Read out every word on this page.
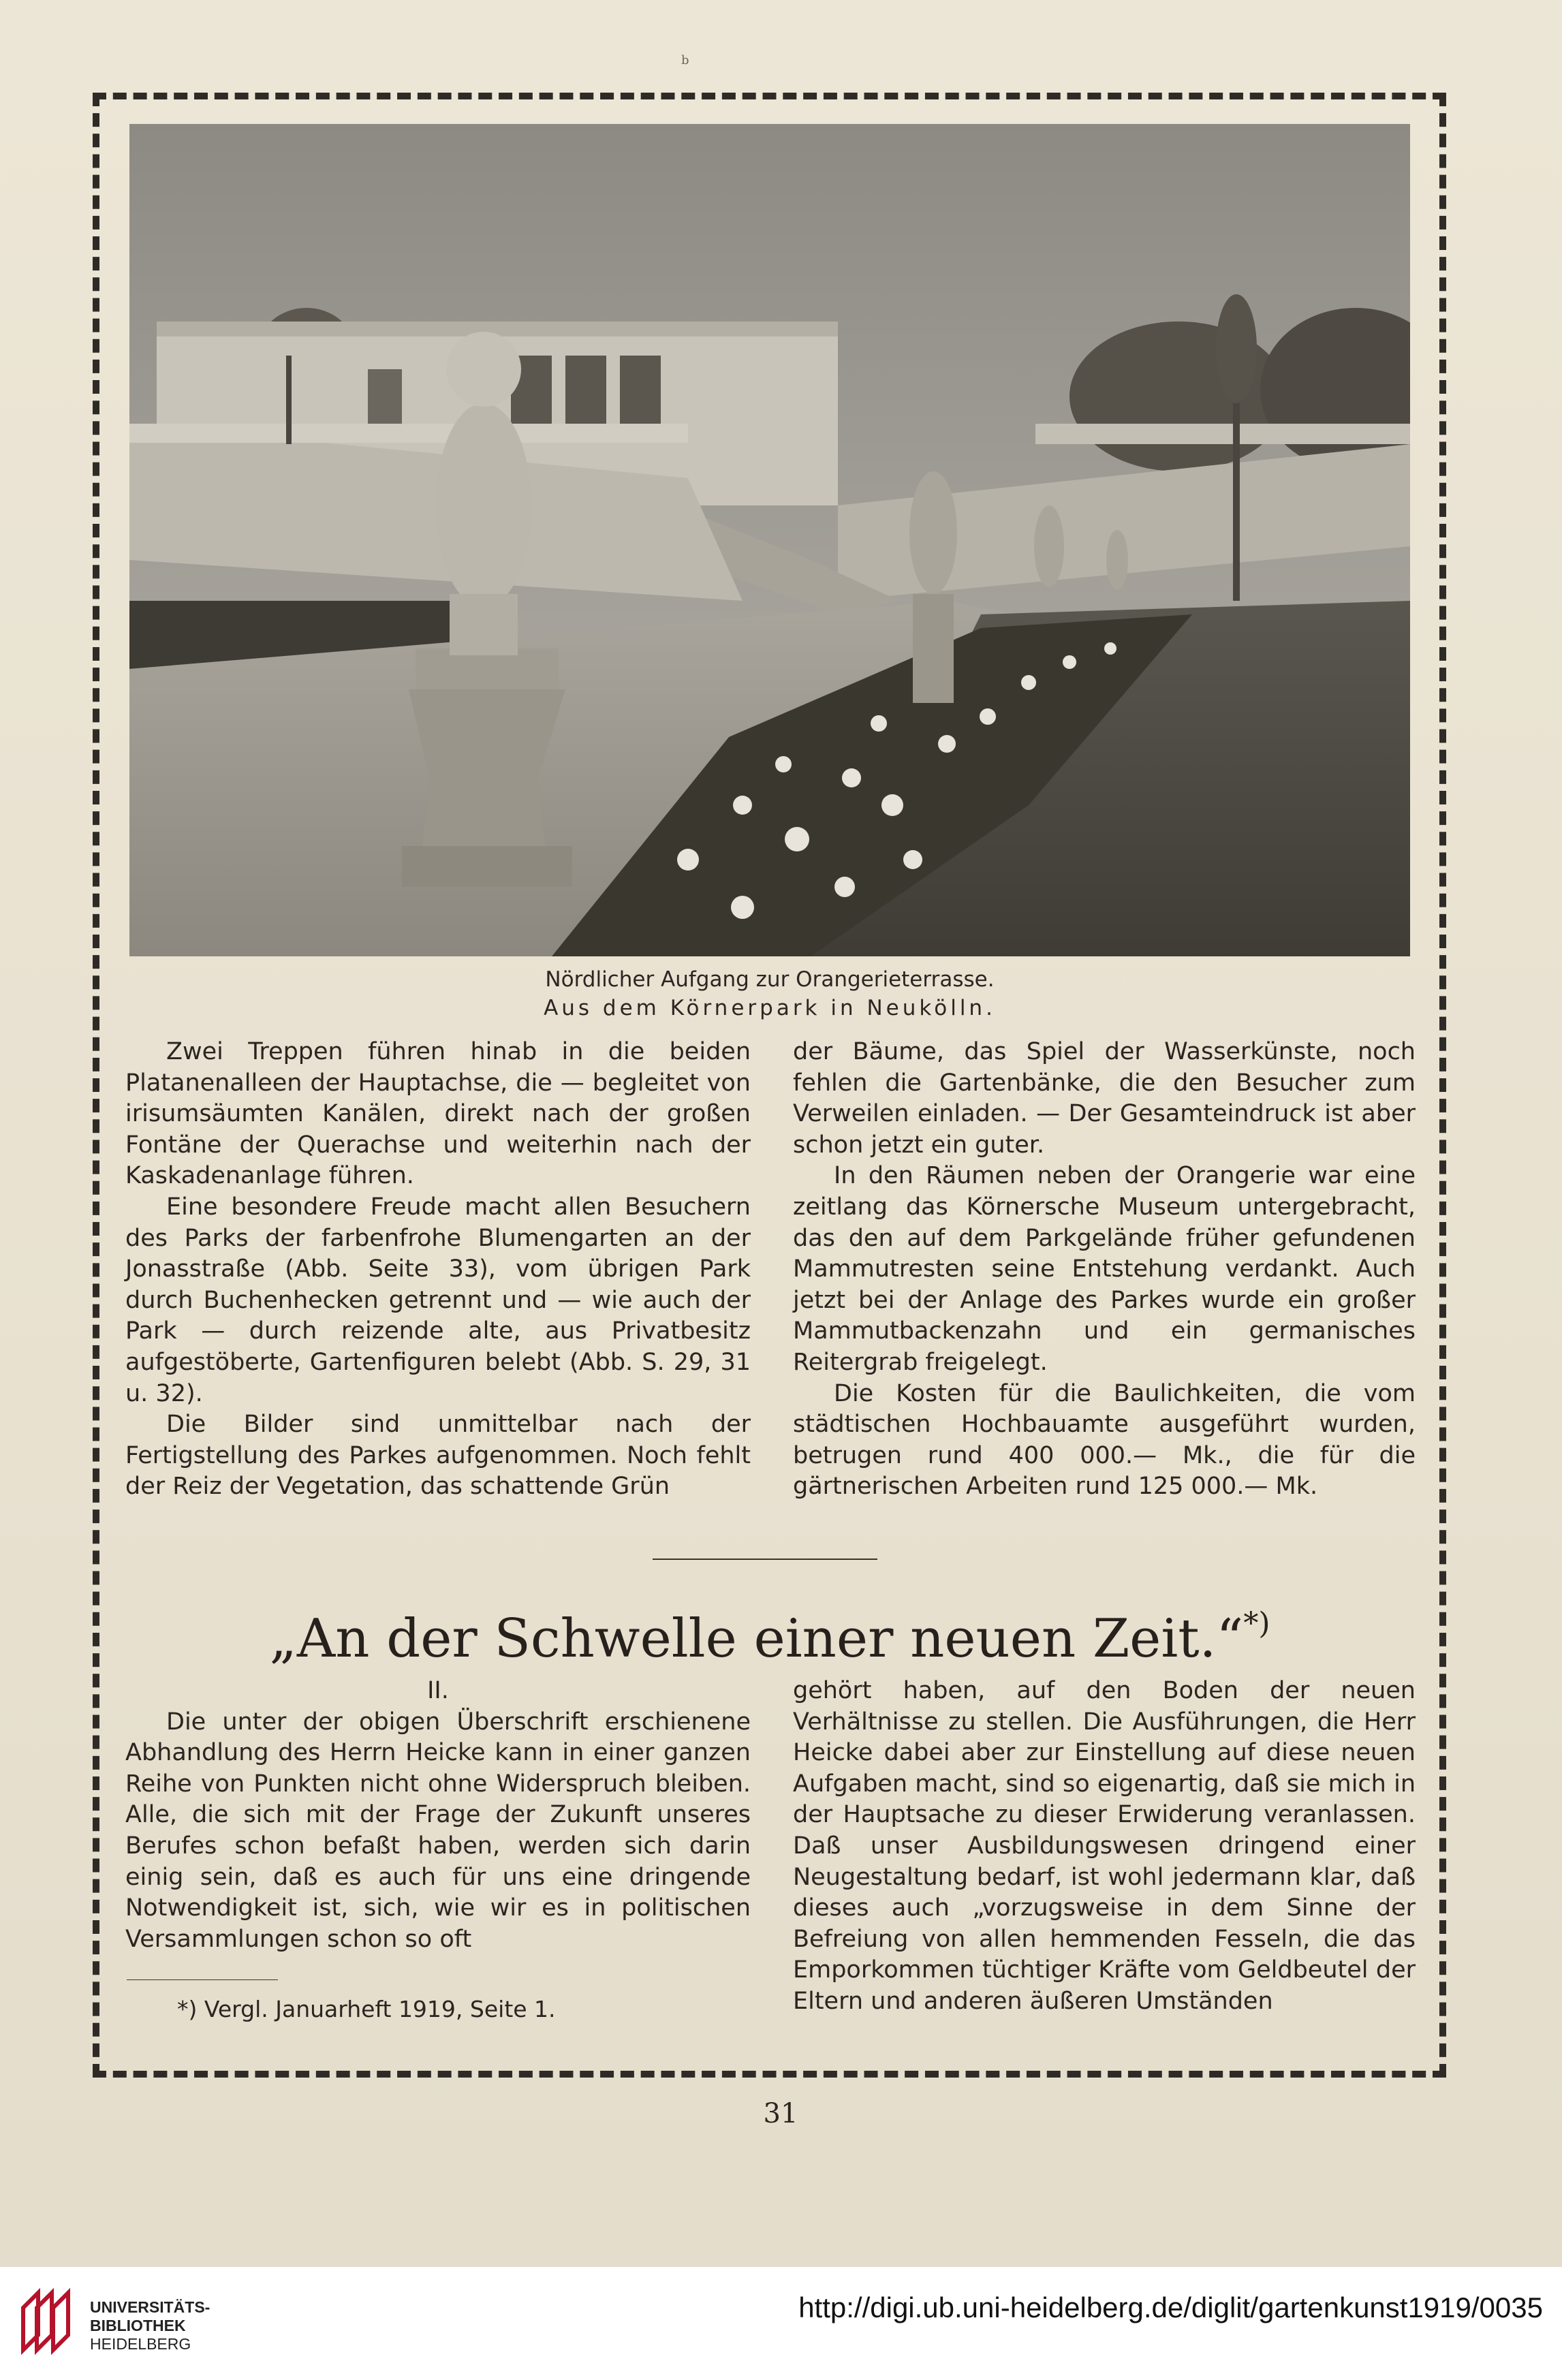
b
Nördlicher Aufgang zur Orangerieterrasse.
Aus dem Körnerpark in Neukölln.

Zwei Treppen führen hinab in die beiden Platanenalleen der Hauptachse, die — begleitet von irisumsäumten Kanälen, direkt nach der großen Fontäne der Querachse und weiterhin nach der Kaskadenanlage führen.

Eine besondere Freude macht allen Besuchern des Parks der farbenfrohe Blumengarten an der Jonasstraße (Abb. Seite 33), vom übrigen Park durch Buchenhecken getrennt und — wie auch der Park — durch reizende alte, aus Privatbesitz aufgestöberte, Gartenfiguren belebt (Abb. S. 29, 31 u. 32).

Die Bilder sind unmittelbar nach der Fertigstellung des Parkes aufgenommen. Noch fehlt der Reiz der Vegetation, das schattende Grün

der Bäume, das Spiel der Wasserkünste, noch fehlen die Gartenbänke, die den Besucher zum Verweilen einladen. — Der Gesamteindruck ist aber schon jetzt ein guter.

In den Räumen neben der Orangerie war eine zeitlang das Körnersche Museum untergebracht, das den auf dem Parkgelände früher gefundenen Mammutresten seine Entstehung verdankt. Auch jetzt bei der Anlage des Parkes wurde ein großer Mammutbackenzahn und ein germanisches Reitergrab freigelegt.

Die Kosten für die Baulichkeiten, die vom städtischen Hochbauamte ausgeführt wurden, betrugen rund 400 000.— Mk., die für die gärtnerischen Arbeiten rund 125 000.— Mk.

„An der Schwelle einer neuen Zeit.“*)

II.

Die unter der obigen Überschrift erschienene Abhandlung des Herrn Heicke kann in einer ganzen Reihe von Punkten nicht ohne Widerspruch bleiben. Alle, die sich mit der Frage der Zukunft unseres Berufes schon befaßt haben, werden sich darin einig sein, daß es auch für uns eine dringende Notwendigkeit ist, sich, wie wir es in politischen Versammlungen schon so oft

gehört haben, auf den Boden der neuen Verhältnisse zu stellen. Die Ausführungen, die Herr Heicke dabei aber zur Einstellung auf diese neuen Aufgaben macht, sind so eigenartig, daß sie mich in der Hauptsache zu dieser Erwiderung veranlassen. Daß unser Ausbildungswesen dringend einer Neugestaltung bedarf, ist wohl jedermann klar, daß dieses auch „vorzugsweise in dem Sinne der Befreiung von allen hemmenden Fesseln, die das Emporkommen tüchtiger Kräfte vom Geldbeutel der Eltern und anderen äußeren Umständen

*) Vergl. Januarheft 1919, Seite 1.
31
UNIVERSITÄTS-
BIBLIOTHEK
HEIDELBERG
http://digi.ub.uni-heidelberg.de/diglit/gartenkunst1919/0035
